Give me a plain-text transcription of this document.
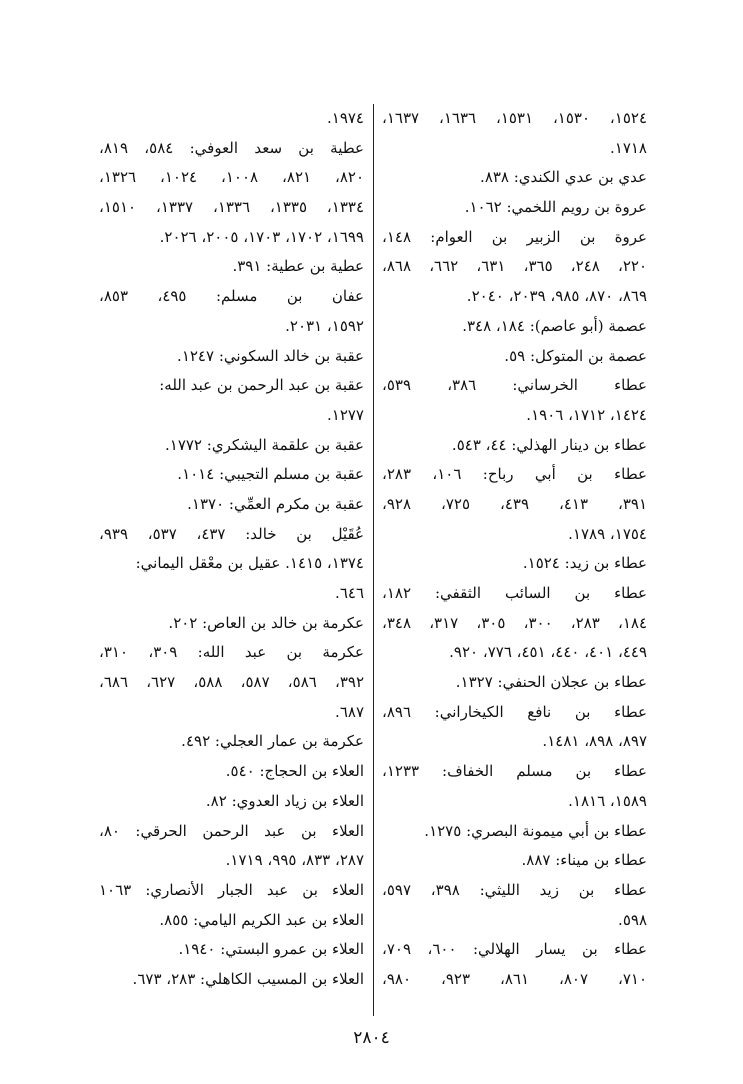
١٥٢٤، ١٥٣٠، ١٥٣١، ١٦٣٦، ١٦٣٧،
١٧١٨.
عدي بن عدي الكندي: ٨٣٨.
عروة بن رويم اللخمي: ١٠٦٢.
عروة بن الزبير بن العوام: ١٤٨،
٢٢٠، ٢٤٨، ٣٦٥، ٦٣١، ٦٦٢، ٨٦٨،
٨٦٩، ٨٧٠، ٩٨٥، ٢٠٣٩، ٢٠٤٠.
عصمة (أبو عاصم): ١٨٤، ٣٤٨.
عصمة بن المتوكل: ٥٩.
عطاء الخرساني: ٣٨٦، ٥٣٩،
١٤٢٤، ١٧١٢، ١٩٠٦.
عطاء بن دينار الهذلي: ٤٤، ٥٤٣.
عطاء بن أبي رباح: ١٠٦، ٢٨٣،
٣٩١، ٤١٣، ٤٣٩، ٧٢٥، ٩٢٨،
١٧٥٤، ١٧٨٩.
عطاء بن زيد: ١٥٢٤.
عطاء بن السائب الثقفي: ١٨٢،
١٨٤، ٢٨٣، ٣٠٠، ٣٠٥، ٣١٧، ٣٤٨،
٤٤٩، ٤٠١، ٤٤٠، ٤٥١، ٧٧٦، ٩٢٠.
عطاء بن عجلان الحنفي: ١٣٢٧.
عطاء بن نافع الكيخاراني: ٨٩٦،
٨٩٧، ٨٩٨، ١٤٨١.
عطاء بن مسلم الخفاف: ١٢٣٣،
١٥٨٩، ١٨١٦.
عطاء بن أبي ميمونة البصري: ١٢٧٥.
عطاء بن ميناء: ٨٨٧.
عطاء بن زيد الليثي: ٣٩٨، ٥٩٧،
٥٩٨.
عطاء بن يسار الهلالي: ٦٠٠، ٧٠٩،
٧١٠، ٨٠٧، ٨٦١، ٩٢٣، ٩٨٠،
١٩٧٤.
عطية بن سعد العوفي: ٥٨٤، ٨١٩،
٨٢٠، ٨٢١، ١٠٠٨، ١٠٢٤، ١٣٢٦،
١٣٣٤، ١٣٣٥، ١٣٣٦، ١٣٣٧، ١٥١٠،
١٦٩٩، ١٧٠٢، ١٧٠٣، ٢٠٠٥، ٢٠٢٦.
عطية بن عطية: ٣٩١.
عفان بن مسلم: ٤٩٥، ٨٥٣،
١٥٩٢، ٢٠٣١.
عقبة بن خالد السكوني: ١٢٤٧.
عقبة بن عبد الرحمن بن عبد الله:
١٢٧٧.
عقبة بن علقمة اليشكري: ١٧٧٢.
عقبة بن مسلم التجيبي: ١٠١٤.
عقبة بن مكرم العمِّي: ١٣٧٠.
عُقَيْل بن خالد: ٤٣٧، ٥٣٧، ٩٣٩،
١٣٧٤، ١٤١٥. عقيل بن معْقل اليماني:
٦٤٦.
عكرمة بن خالد بن العاص: ٢٠٢.
عكرمة بن عبد الله: ٣٠٩، ٣١٠،
٣٩٢، ٥٨٦، ٥٨٧، ٥٨٨، ٦٢٧، ٦٨٦،
٦٨٧.
عكرمة بن عمار العجلي: ٤٩٢.
العلاء بن الحجاج: ٥٤٠.
العلاء بن زياد العدوي: ٨٢.
العلاء بن عبد الرحمن الحرقي: ٨٠،
٢٨٧، ٨٣٣، ٩٩٥، ١٧١٩.
العلاء بن عبد الجبار الأنصاري: ١٠٦٣
العلاء بن عبد الكريم اليامي: ٨٥٥.
العلاء بن عمرو البستي: ١٩٤٠.
العلاء بن المسيب الكاهلي: ٢٨٣، ٦٧٣.
٢٨٠٤
